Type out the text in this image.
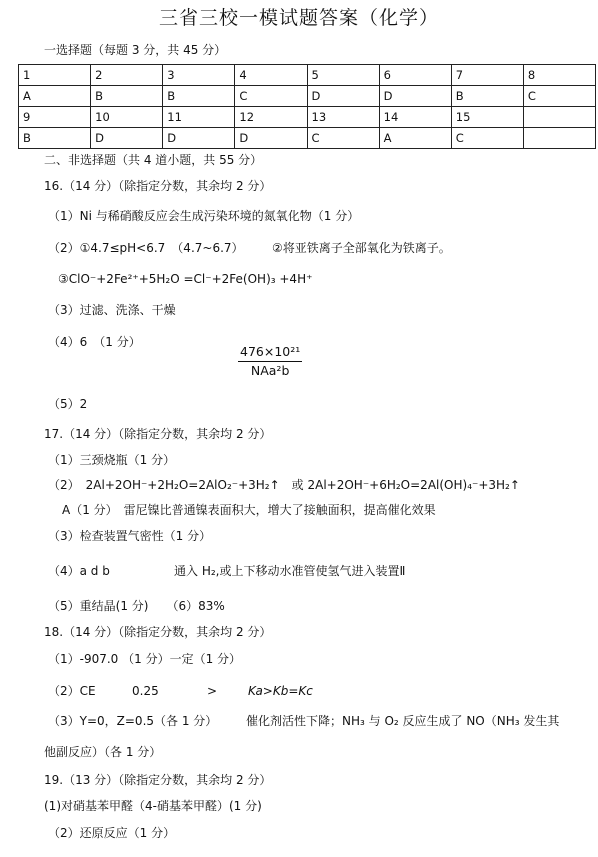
三省三校一模试题答案（化学）
一选择题（每题 3 分，共 45 分）
1	2	3	4	5	6	7	8
A	B	B	C	D	D	B	C
9	10	11	12	13	14	15	
B	D	D	D	C	A	C	
二、非选择题（共 4 道小题，共 55 分）
16.（14 分）（除指定分数，其余均 2 分）
（1）Ni 与稀硝酸反应会生成污染环境的氮氧化物（1 分）
（2）①4.7≤pH<6.7　（4.7~6.7） ②将亚铁离子全部氧化为铁离子。
③ClO⁻+2Fe²⁺+5H₂O =Cl⁻+2Fe(OH)₃ +4H⁺
（3）过滤、洗涤、干燥
（4）6　（1 分）
476×10²¹
NAa²b
（5）2
17.（14 分）（除指定分数，其余均 2 分）
（1）三颈烧瓶（1 分）
（2）　2Al+2OH⁻+2H₂O=2AlO₂⁻+3H₂↑　或 2Al+2OH⁻+6H₂O=2Al(OH)₄⁻+3H₂↑
A（1 分）　雷尼镍比普通镍表面积大，增大了接触面积，提高催化效果
（3）检查装置气密性（1 分）
（4）a d b	通入 H₂,或上下移动水准管使氢气进入装置Ⅱ
（5）重结晶(1 分)　　（6）83%
18.（14 分）（除指定分数，其余均 2 分）
（1）-907.0 （1 分）一定（1 分）
（2）CE	0.25	>	Ka>Kb=Kc
（3）Y=0，Z=0.5（各 1 分） 催化剂活性下降；NH₃ 与 O₂ 反应生成了 NO（NH₃ 发生其
他副反应）（各 1 分）
19.（13 分）（除指定分数，其余均 2 分）
(1)对硝基苯甲醛（4-硝基苯甲醛）(1 分)
（2）还原反应（1 分）
